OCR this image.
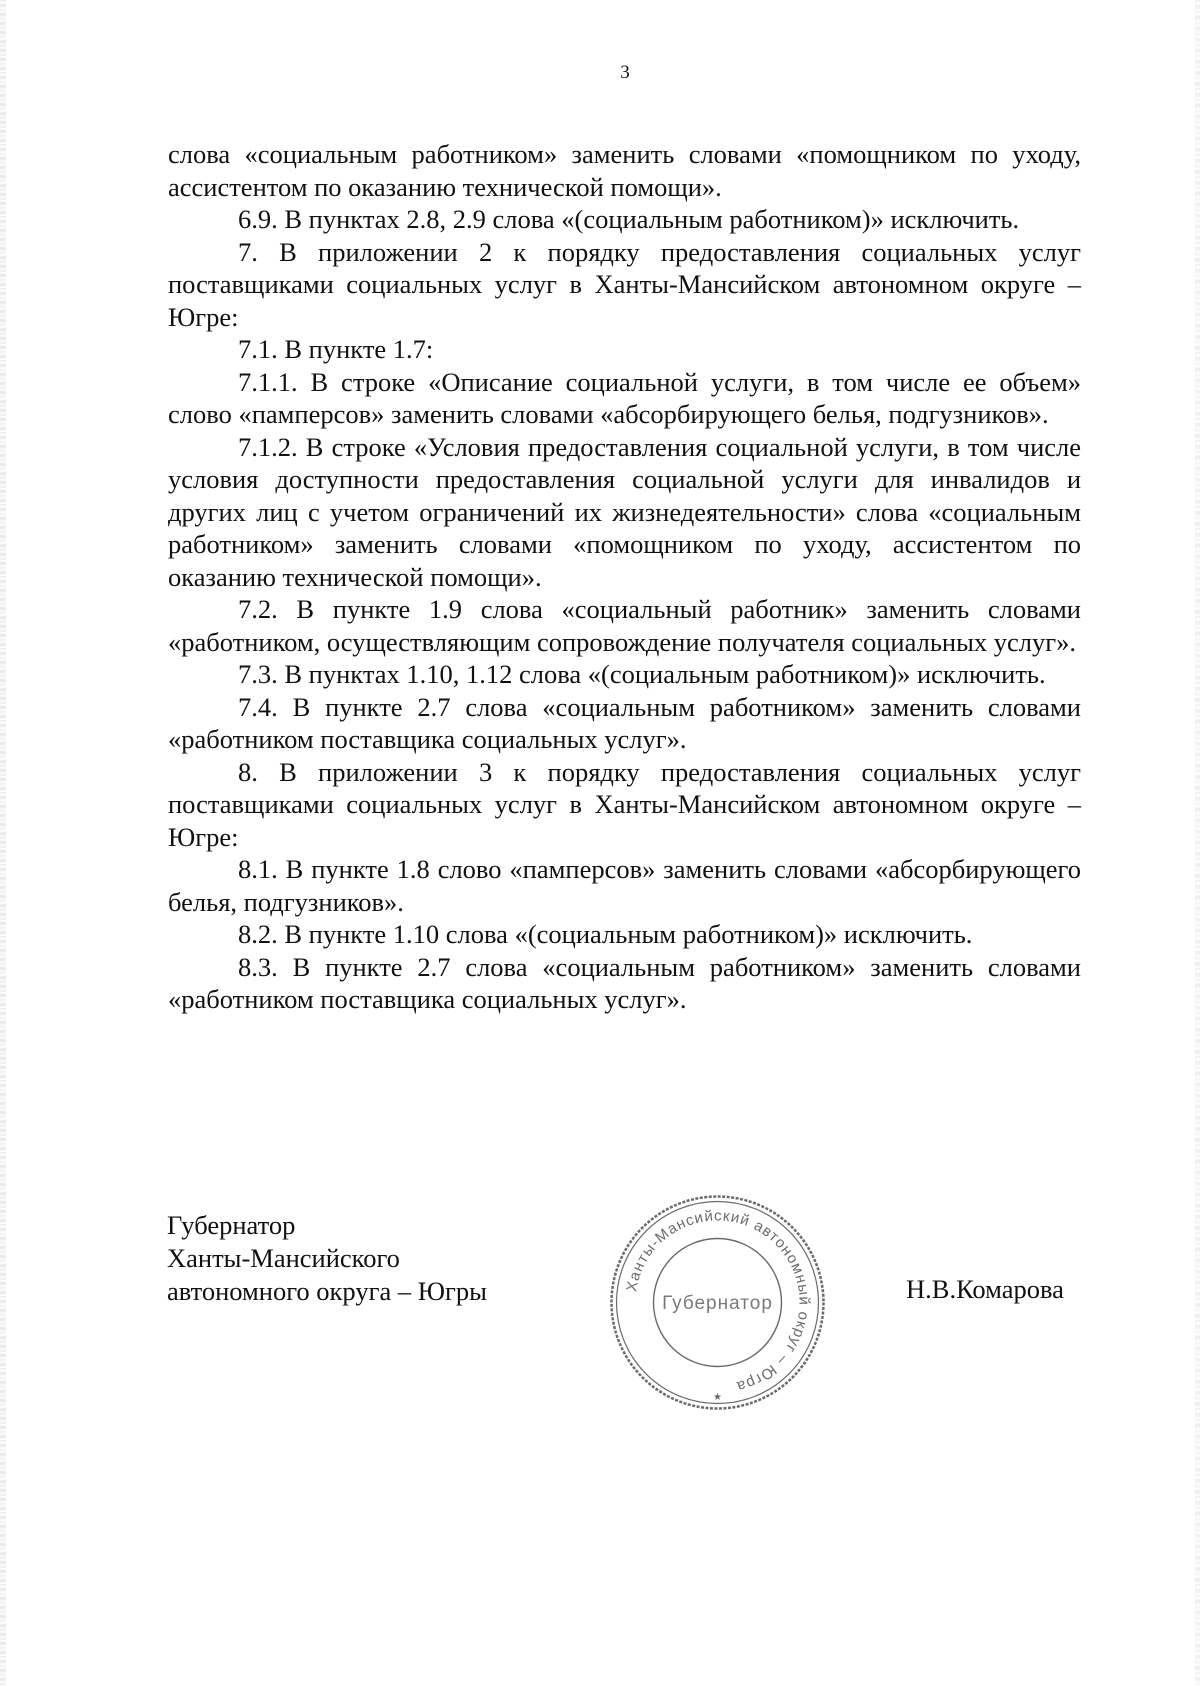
3

слова «социальным работником» заменить словами «помощником по уходу, ассистентом по оказанию технической помощи».

6.9. В пунктах 2.8, 2.9 слова «(социальным работником)» исключить.

7. В приложении 2 к порядку предоставления социальных услуг поставщиками социальных услуг в Ханты-Мансийском автономном округе – Югре:

7.1. В пункте 1.7:

7.1.1. В строке «Описание социальной услуги, в том числе ее объем» слово «памперсов» заменить словами «абсорбирующего белья, подгузников».

7.1.2. В строке «Условия предоставления социальной услуги, в том числе условия доступности предоставления социальной услуги для инвалидов и других лиц с учетом ограничений их жизнедеятельности» слова «социальным работником» заменить словами «помощником по уходу, ассистентом по оказанию технической помощи».

7.2. В пункте 1.9 слова «социальный работник» заменить словами «работником, осуществляющим сопровождение получателя социальных услуг».

7.3. В пунктах 1.10, 1.12 слова «(социальным работником)» исключить.

7.4. В пункте 2.7 слова «социальным работником» заменить словами «работником поставщика социальных услуг».

8. В приложении 3 к порядку предоставления социальных услуг поставщиками социальных услуг в Ханты-Мансийском автономном округе – Югре:

8.1. В пункте 1.8 слово «памперсов» заменить словами «абсорбирующего белья, подгузников».

8.2. В пункте 1.10 слова «(социальным работником)» исключить.

8.3. В пункте 2.7 слова «социальным работником» заменить словами «работником поставщика социальных услуг».

Губернатор
Ханты-Мансийского
автономного округа – Югры	Ханты-Мансийский автономный округ – Югра
Губернатор
★
Н.В.Комарова
